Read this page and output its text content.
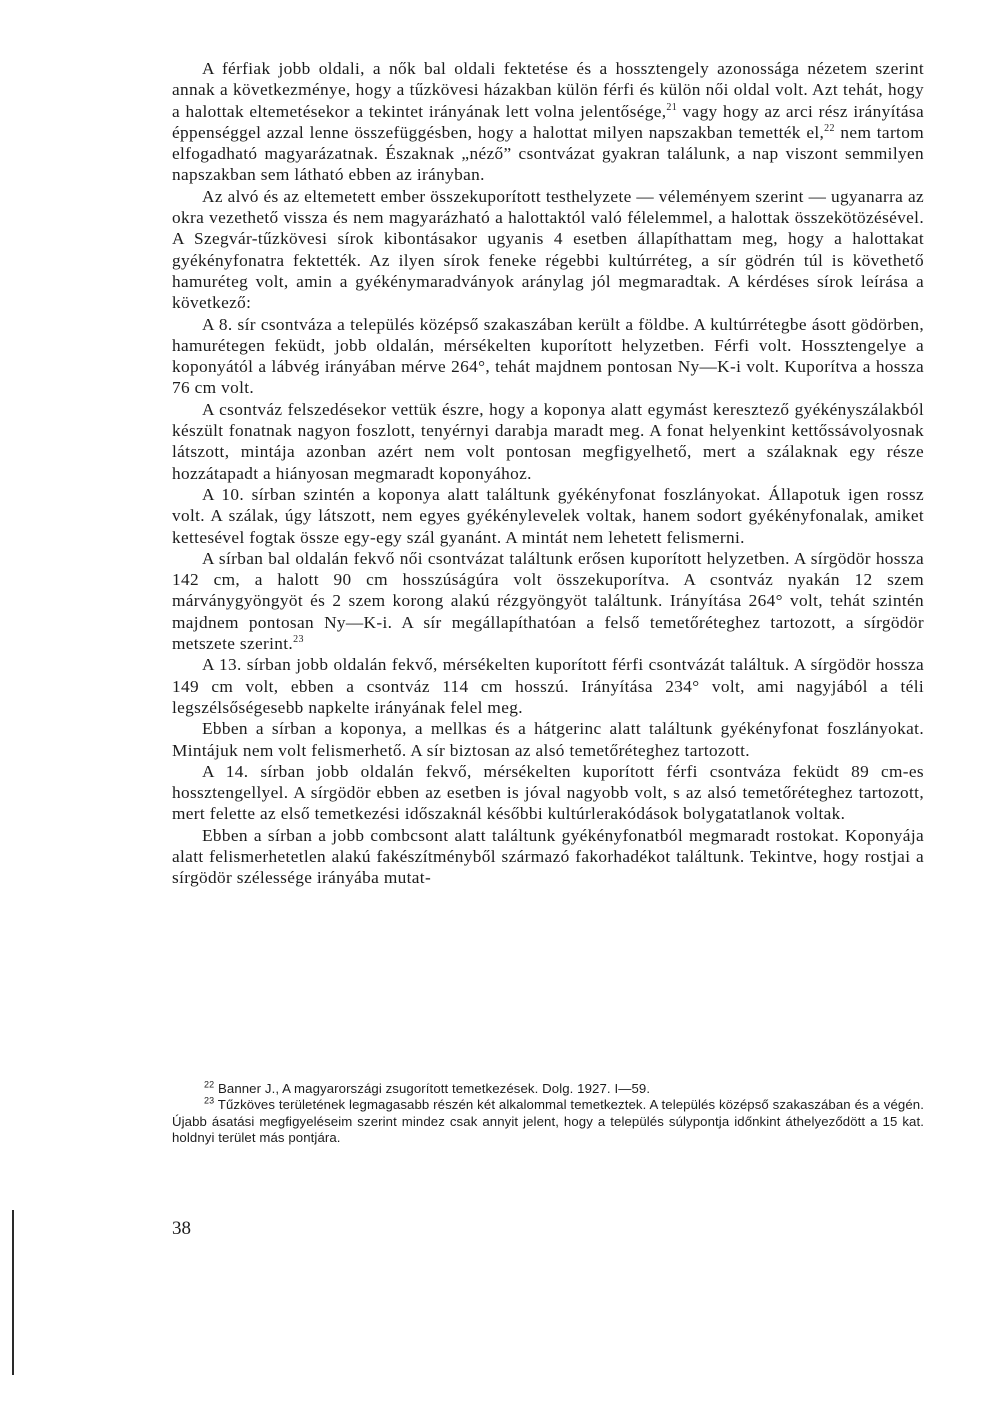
A férfiak jobb oldali, a nők bal oldali fektetése és a hossztengely azonossága nézetem szerint annak a következménye, hogy a tűzkövesi házakban külön férfi és külön női oldal volt. Azt tehát, hogy a halottak eltemetésekor a tekintet irányának lett volna jelentősége,$^{21}$ vagy hogy az arci rész irányítása éppenséggel azzal lenne összefüggésben, hogy a halottat milyen napszakban temették el,$^{22}$ nem tartom elfogadható magyarázatnak. Északnak „néző” csontvázat gyakran találunk, a nap viszont semmilyen napszakban sem látható ebben az irányban.

Az alvó és az eltemetett ember összekuporított testhelyzete — véleményem szerint — ugyanarra az okra vezethető vissza és nem magyarázható a halottaktól való félelemmel, a halottak összekötözésével. A Szegvár-tűzkövesi sírok kibontásakor ugyanis 4 esetben állapíthattam meg, hogy a halottakat gyékényfonatra fektették. Az ilyen sírok feneke régebbi kultúrréteg, a sír gödrén túl is követhető hamuréteg volt, amin a gyékénymaradványok aránylag jól megmaradtak. A kérdéses sírok leírása a következő:

A 8. sír csontváza a település középső szakaszában került a földbe. A kultúrrétegbe ásott gödörben, hamurétegen feküdt, jobb oldalán, mérsékelten kuporított helyzetben. Férfi volt. Hossztengelye a koponyától a lábvég irányában mérve 264°, tehát majdnem pontosan Ny—K-i volt. Kuporítva a hossza 76 cm volt.

A csontváz felszedésekor vettük észre, hogy a koponya alatt egymást keresztező gyékényszálakból készült fonatnak nagyon foszlott, tenyérnyi darabja maradt meg. A fonat helyenkint kettőssávolyosnak látszott, mintája azonban azért nem volt pontosan megfigyelhető, mert a szálaknak egy része hozzátapadt a hiányosan megmaradt koponyához.

A 10. sírban szintén a koponya alatt találtunk gyékényfonat foszlányokat. Állapotuk igen rossz volt. A szálak, úgy látszott, nem egyes gyékénylevelek voltak, hanem sodort gyékényfonalak, amiket kettesével fogtak össze egy-egy szál gyanánt. A mintát nem lehetett felismerni.

A sírban bal oldalán fekvő női csontvázat találtunk erősen kuporított helyzetben. A sírgödör hossza 142 cm, a halott 90 cm hosszúságúra volt összekuporítva. A csontváz nyakán 12 szem márványgyöngyöt és 2 szem korong alakú rézgyöngyöt találtunk. Irányítása 264° volt, tehát szintén majdnem pontosan Ny—K-i. A sír megállapíthatóan a felső temetőréteghez tartozott, a sírgödör metszete szerint.$^{23}$

A 13. sírban jobb oldalán fekvő, mérsékelten kuporított férfi csontvázát találtuk. A sírgödör hossza 149 cm volt, ebben a csontváz 114 cm hosszú. Irányítása 234° volt, ami nagyjából a téli legszélsőségesebb napkelte irányának felel meg.

Ebben a sírban a koponya, a mellkas és a hátgerinc alatt találtunk gyékényfonat foszlányokat. Mintájuk nem volt felismerhető. A sír biztosan az alsó temetőréteghez tartozott.

A 14. sírban jobb oldalán fekvő, mérsékelten kuporított férfi csontváza feküdt 89 cm-es hossztengellyel. A sírgödör ebben az esetben is jóval nagyobb volt, s az alsó temetőréteghez tartozott, mert felette az első temetkezési időszaknál későbbi kultúrlerakódások bolygatatlanok voltak.

Ebben a sírban a jobb combcsont alatt találtunk gyékényfonatból megmaradt rostokat. Koponyája alatt felismerhetetlen alakú fakészítményből származó fakorhadékot találtunk. Tekintve, hogy rostjai a sírgödör szélessége irányába mutat-

$^{22}$ Banner J., A magyarországi zsugorított temetkezések. Dolg. 1927. I—59.

$^{23}$ Tűzköves területének legmagasabb részén két alkalommal temetkeztek. A település középső szakaszában és a végén. Újabb ásatási megfigyeléseim szerint mindez csak annyit jelent, hogy a település súlypontja időnkint áthelyeződött a 15 kat. holdnyi terület más pontjára.

38
